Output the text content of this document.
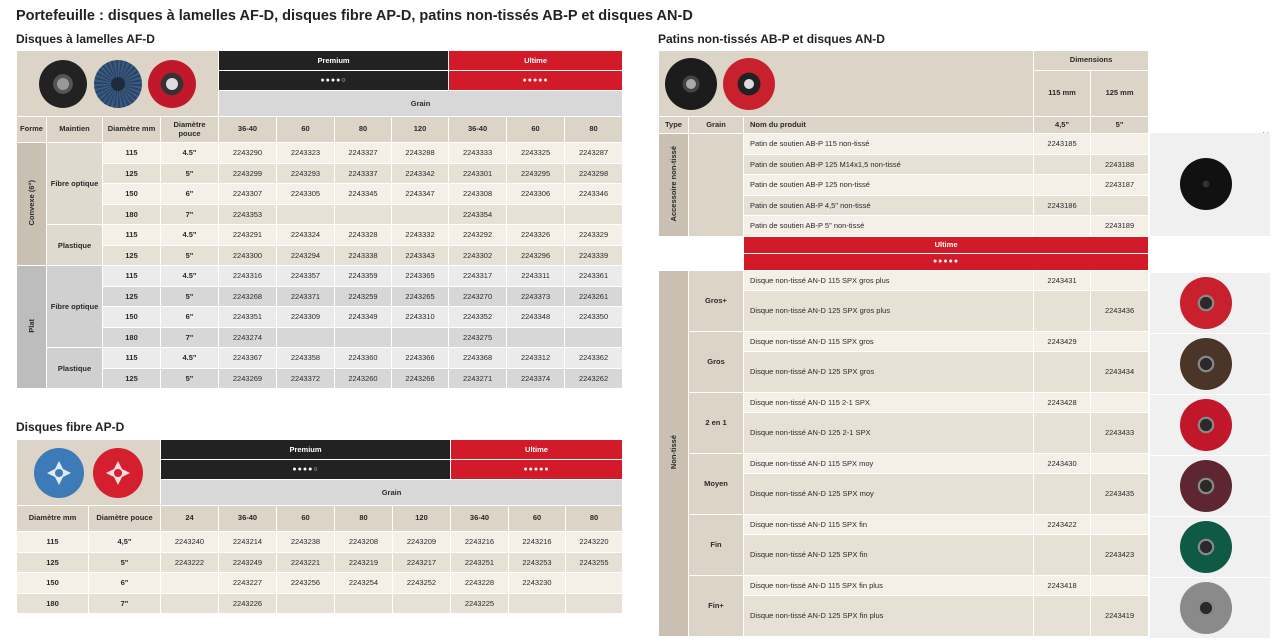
Portefeuille : disques à lamelles AF-D, disques fibre AP-D, patins non-tissés AB-P et disques AN-D
Disques à lamelles AF-D

				Premium				Ultime		
				●●●●○				●●●●●		
				Grain						
Forme	Maintien	Diamètre mm	Diamètre pouce	36-40	60	80	120	36-40	60	80
Convexe (6°)	Fibre optique	115	4.5"	2243290	2243323	2243327	2243288	2243333	2243325	2243287
		125	5"	2243299	2243293	2243337	2243342	2243301	2243295	2243298
		150	6"	2243307	2243305	2243345	2243347	2243308	2243306	2243346
		180	7"	2243353				2243354		
	Plastique	115	4.5"	2243291	2243324	2243328	2243332	2243292	2243326	2243329
		125	5"	2243300	2243294	2243338	2243343	2243302	2243296	2243339
Plat	Fibre optique	115	4.5"	2243316	2243357	2243359	2243365	2243317	2243311	2243361
		125	5"	2243268	2243371	2243259	2243265	2243270	2243373	2243261
		150	6"	2243351	2243309	2243349	2243310	2243352	2243348	2243350
		180	7"	2243274				2243275		
	Plastique	115	4.5"	2243367	2243358	2243360	2243366	2243368	2243312	2243362
		125	5"	2243269	2243372	2243260	2243266	2243271	2243374	2243262
Disques fibre AP-D

	Premium					Ultime		
		●●●●○					●●●●●		
		Grain							
Diamètre mm	Diamètre pouce	24	36-40	60	80	120	36-40	60	80
115	4,5"	2243240	2243214	2243238	2243208	2243209	2243216	2243216	2243220
125	5"	2243222	2243249	2243221	2243219	2243217	2243251	2243253	2243255
150	6"		2243227	2243256	2243254	2243252	2243228	2243230	
180	7"		2243226				2243225		
Patins non-tissés AB-P et disques AN-D

			Dimensions	
			115 mm	125 mm
Type	Grain	Nom du produit	4,5"	5"
Accessoire non-tissé		Patin de soutien AB-P 115 non-tissé	2243185	
		Patin de soutien AB-P 125 M14x1,5 non-tissé		2243188
		Patin de soutien AB-P 125 non-tissé		2243187
		Patin de soutien AB-P 4,5" non-tissé	2243186	
		Patin de soutien AB-P 5" non-tissé		2243189
		Ultime		
		●●●●●		
Non-tissé	Gros+	Disque non-tissé AN-D 115 SPX gros plus	2243431	
		Disque non-tissé AN-D 125 SPX gros plus		2243436
	Gros	Disque non-tissé AN-D 115 SPX gros	2243429	
		Disque non-tissé AN-D 125 SPX gros		2243434
	2 en 1	Disque non-tissé AN-D 115 2-1 SPX	2243428	
		Disque non-tissé AN-D 125 2-1 SPX		2243433
	Moyen	Disque non-tissé AN-D 115 SPX moy	2243430	
		Disque non-tissé AN-D 125 SPX moy		2243435
	Fin	Disque non-tissé AN-D 115 SPX fin	2243422	
		Disque non-tissé AN-D 125 SPX fin		2243423
	Fin+	Disque non-tissé AN-D 115 SPX fin plus	2243418	
		Disque non-tissé AN-D 125 SPX fin plus		2243419
